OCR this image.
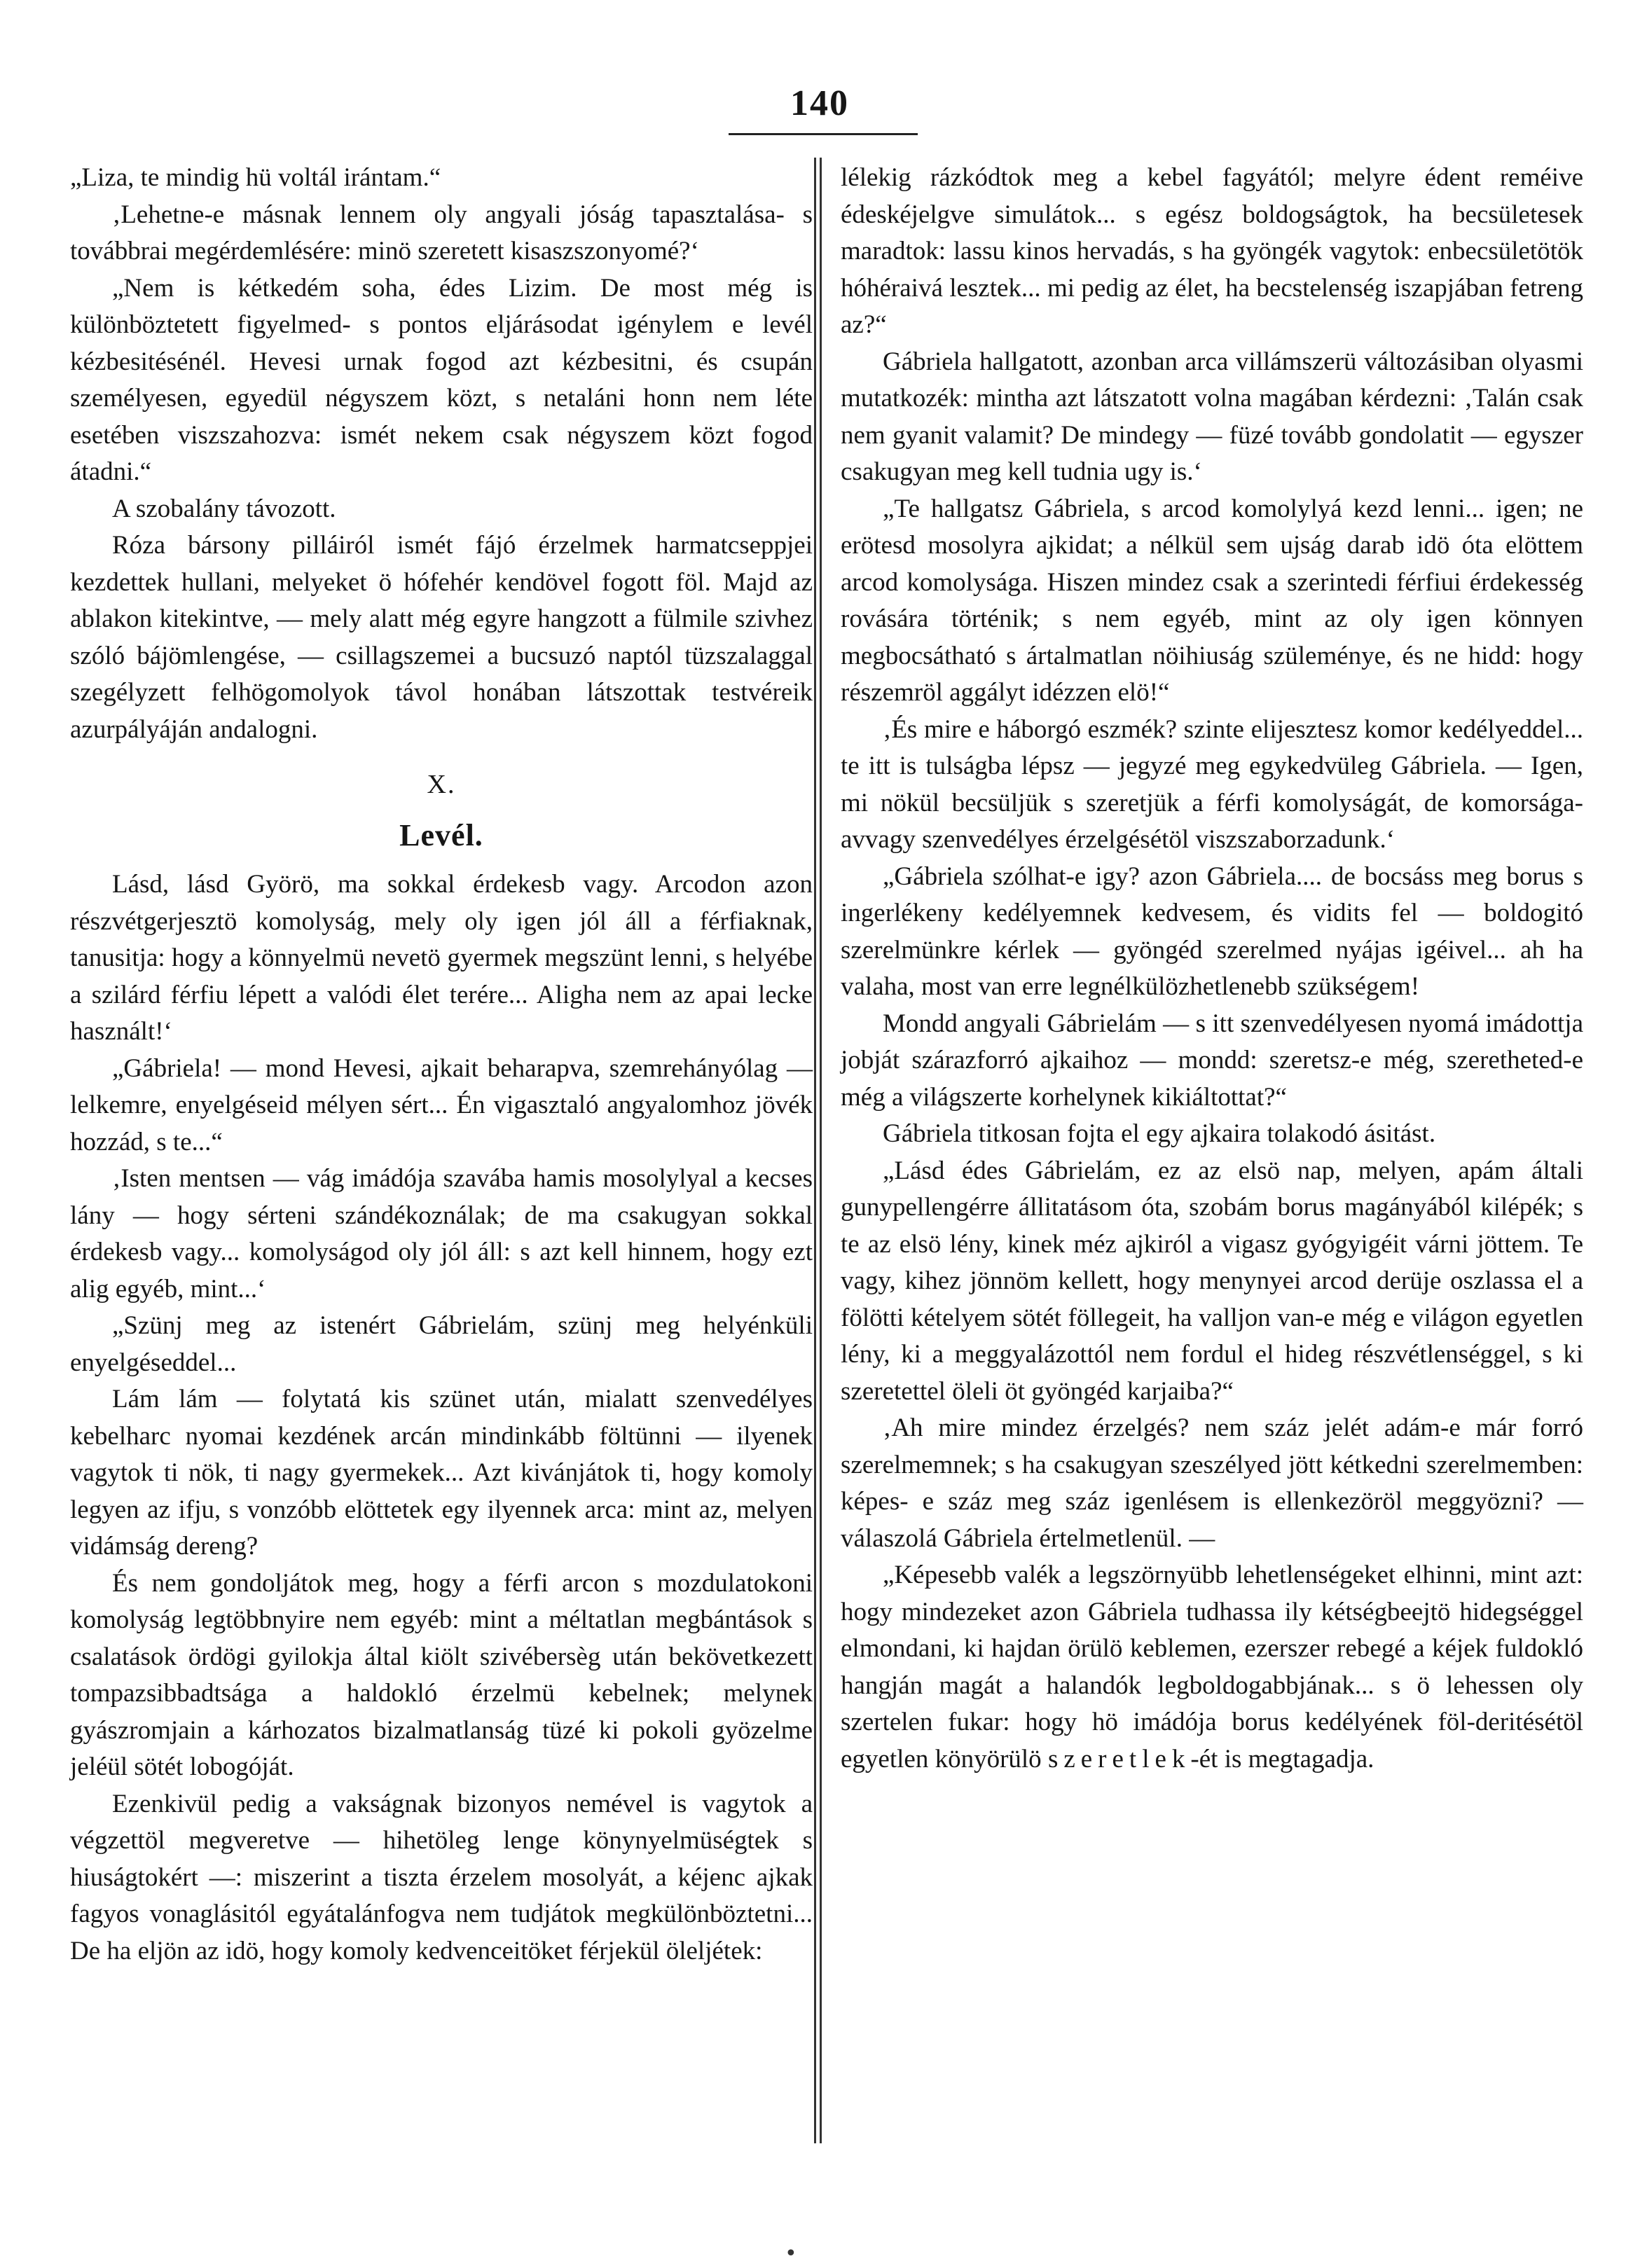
140

„Liza, te mindig hü voltál irántam.“

‚Lehetne-e másnak lennem oly angyali jóság tapasztalása- s továbbrai megérdemlésére: minö szeretett kisaszszonyomé?‘

„Nem is kétkedém soha, édes Lizim. De most még is különböztetett figyelmed- s pontos eljárásodat igénylem e levél kézbesitésénél. Hevesi urnak fogod azt kézbesitni, és csupán személyesen, egyedül négyszem közt, s netaláni honn nem léte esetében viszszahozva: ismét nekem csak négyszem közt fogod átadni.“

A szobalány távozott.

Róza bársony pilláiról ismét fájó érzelmek harmatcseppjei kezdettek hullani, melyeket ö hófehér kendövel fogott föl. Majd az ablakon kitekintve, — mely alatt még egyre hangzott a fülmile szivhez szóló bájömlengése, — csillagszemei a bucsuzó naptól tüzszalaggal szegélyzett felhögomolyok távol honában látszottak testvéreik azurpályáján andalogni.

X.
Levél.

Lásd, lásd Györö, ma sokkal érdekesb vagy. Arcodon azon részvétgerjesztö komolyság, mely oly igen jól áll a férfiaknak, tanusitja: hogy a könnyelmü nevetö gyermek megszünt lenni, s helyébe a szilárd férfiu lépett a valódi élet terére... Aligha nem az apai lecke használt!‘

„Gábriela! — mond Hevesi, ajkait beharapva, szemrehányólag — lelkemre, enyelgéseid mélyen sért... Én vigasztaló angyalomhoz jövék hozzád, s te...“

‚Isten mentsen — vág imádója szavába hamis mosolylyal a kecses lány — hogy sérteni szándékoználak; de ma csakugyan sokkal érdekesb vagy... komolyságod oly jól áll: s azt kell hinnem, hogy ezt alig egyéb, mint...‘

„Szünj meg az istenért Gábrielám, szünj meg helyénküli enyelgéseddel...

Lám lám — folytatá kis szünet után, mialatt szenvedélyes kebelharc nyomai kezdének arcán mindinkább föltünni — ilyenek vagytok ti nök, ti nagy gyermekek... Azt kivánjátok ti, hogy komoly legyen az ifju, s vonzóbb elöttetek egy ilyennek arca: mint az, melyen vidámság dereng?

És nem gondoljátok meg, hogy a férfi arcon s mozdulatokoni komolyság legtöbbnyire nem egyéb: mint a méltatlan megbántások s csalatások ördögi gyilokja által kiölt szivébersèg után bekövetkezett tompazsibbadtsága a haldokló érzelmü kebelnek; melynek gyászromjain a kárhozatos bizalmatlanság tüzé ki pokoli gyözelme jeléül sötét lobogóját.

Ezenkivül pedig a vakságnak bizonyos nemével is vagytok a végzettöl megveretve — hihetöleg lenge könynyelmüségtek s hiuságtokért —: miszerint a tiszta érzelem mosolyát, a kéjenc ajkak fagyos vonaglásitól egyátalánfogva nem tudjátok megkülönböztetni... De ha eljön az idö, hogy komoly kedvenceitöket férjekül öleljétek:

lélekig rázkódtok meg a kebel fagyától; melyre édent reméive édeskéjelgve simulátok... s egész boldogságtok, ha becsületesek maradtok: lassu kinos hervadás, s ha gyöngék vagytok: enbecsületötök hóhéraivá lesztek... mi pedig az élet, ha becstelenség iszapjában fetreng az?“

Gábriela hallgatott, azonban arca villámszerü változásiban olyasmi mutatkozék: mintha azt látszatott volna magában kérdezni: ‚Talán csak nem gyanit valamit? De mindegy — füzé tovább gondolatit — egyszer csakugyan meg kell tudnia ugy is.‘

„Te hallgatsz Gábriela, s arcod komolylyá kezd lenni... igen; ne erötesd mosolyra ajkidat; a nélkül sem ujság darab idö óta elöttem arcod komolysága. Hiszen mindez csak a szerintedi férfiui érdekesség rovására történik; s nem egyéb, mint az oly igen könnyen megbocsátható s ártalmatlan nöihiuság szüleménye, és ne hidd: hogy részemröl aggályt idézzen elö!“

‚És mire e háborgó eszmék? szinte elijesztesz komor kedélyeddel... te itt is tulságba lépsz — jegyzé meg egykedvüleg Gábriela. — Igen, mi nökül becsüljük s szeretjük a férfi komolyságát, de komorsága- avvagy szenvedélyes érzelgésétöl viszszaborzadunk.‘

„Gábriela szólhat-e igy? azon Gábriela.... de bocsáss meg borus s ingerlékeny kedélyemnek kedvesem, és vidits fel — boldogitó szerelmünkre kérlek — gyöngéd szerelmed nyájas igéivel... ah ha valaha, most van erre legnélkülözhetlenebb szükségem!

Mondd angyali Gábrielám — s itt szenvedélyesen nyomá imádottja jobját szárazforró ajkaihoz — mondd: szeretsz-e még, szeretheted-e még a világszerte korhelynek kikiáltottat?“

Gábriela titkosan fojta el egy ajkaira tolakodó ásitást.

„Lásd édes Gábrielám, ez az elsö nap, melyen, apám általi gunypellengérre állitatásom óta, szobám borus magányából kilépék; s te az elsö lény, kinek méz ajkiról a vigasz gyógyigéit várni jöttem. Te vagy, kihez jönnöm kellett, hogy menynyei arcod derüje oszlassa el a fölötti kételyem sötét föllegeit, ha valljon van-e még e világon egyetlen lény, ki a meggyalázottól nem fordul el hideg részvétlenséggel, s ki szeretettel öleli öt gyöngéd karjaiba?“

‚Ah mire mindez érzelgés? nem száz jelét adám-e már forró szerelmemnek; s ha csakugyan szeszélyed jött kétkedni szerelmemben: képes- e száz meg száz igenlésem is ellenkezöröl meggyözni? — válaszolá Gábriela értelmetlenül. —

„Képesebb valék a legszörnyübb lehetlenségeket elhinni, mint azt: hogy mindezeket azon Gábriela tudhassa ily kétségbeejtö hidegséggel elmondani, ki hajdan örülö keblemen, ezerszer rebegé a kéjek fuldokló hangján magát a halandók legboldogabbjának... s ö lehessen oly szertelen fukar: hogy hö imádója borus kedélyének föl-deritésétöl egyetlen könyörülö szeretlek-ét is megtagadja.

•
